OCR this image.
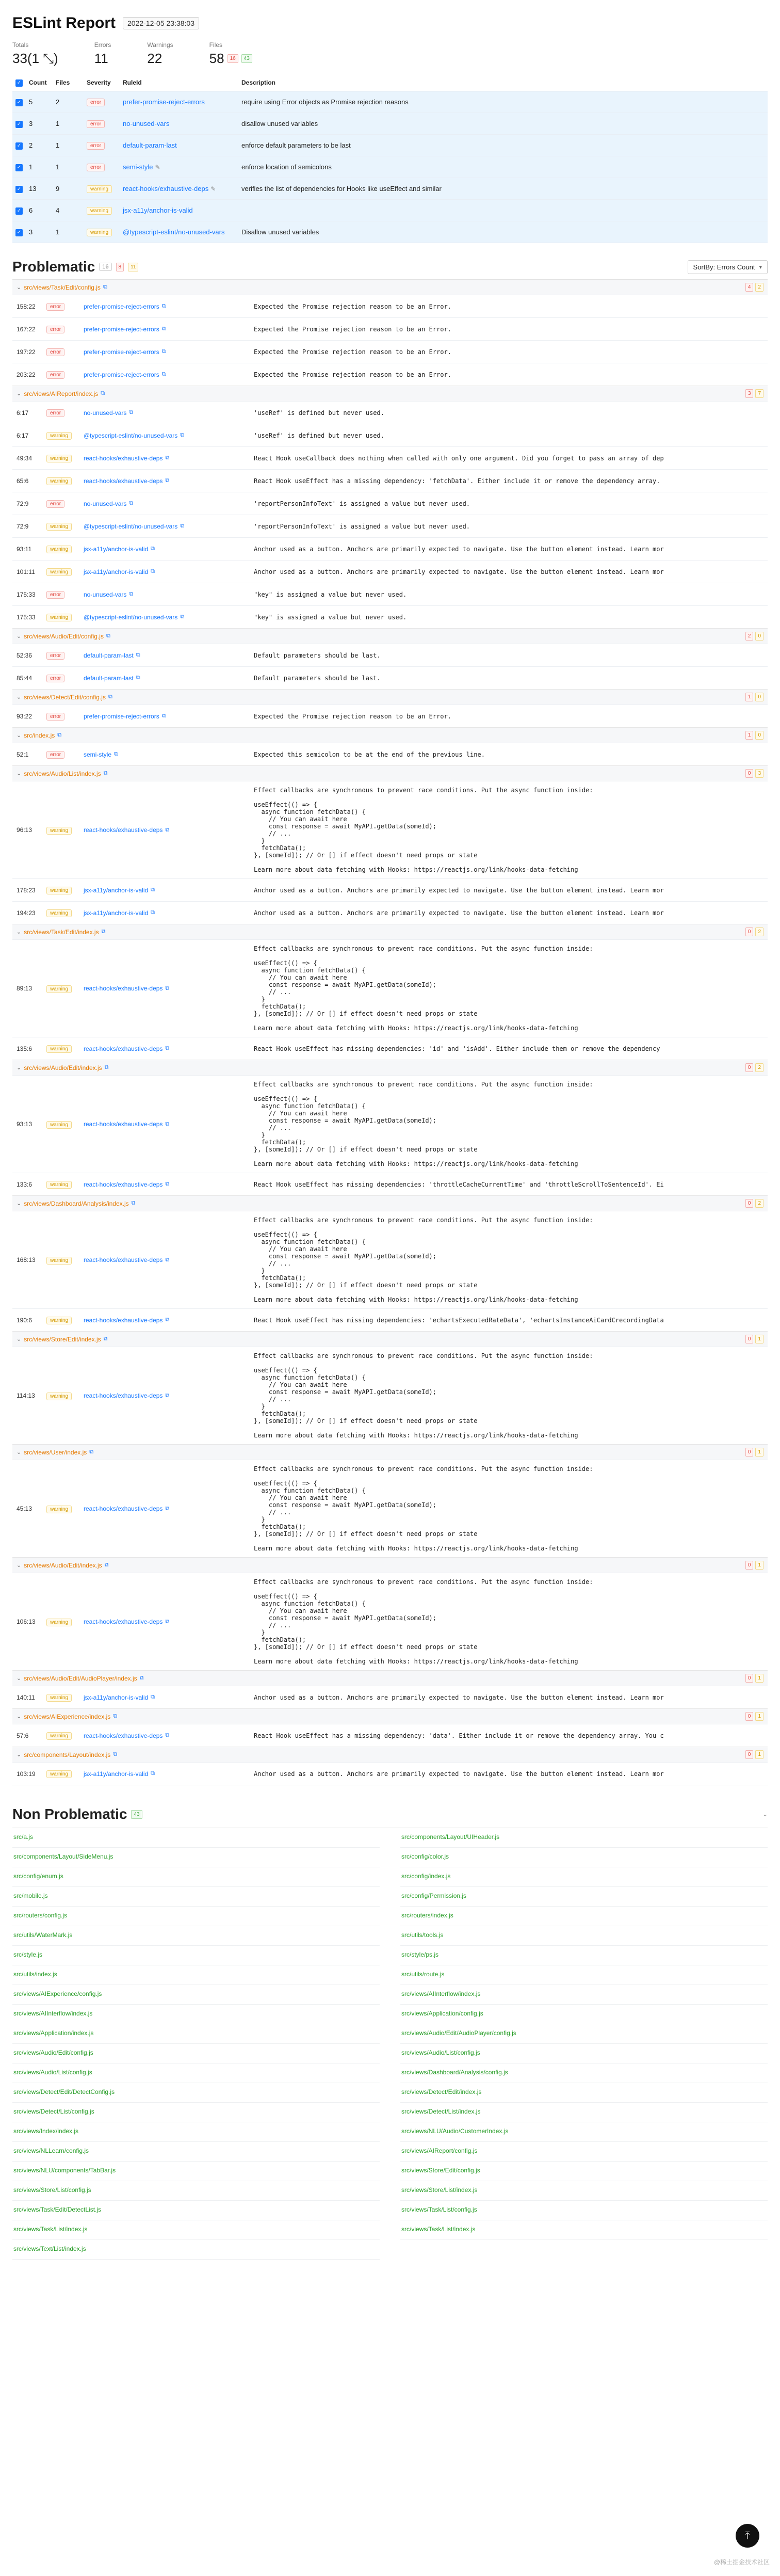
ESLint Report	2022-12-05 23:38:03
Totals
33(1 ⤡)
Errors
11
Warnings
22
Files
58	16	43
✓	Count	Files	Severity	RuleId	Description
✓	5	2	error	prefer-promise-reject-errors	require using Error objects as Promise rejection reasons
✓	3	1	error	no-unused-vars	disallow unused variables
✓	2	1	error	default-param-last	enforce default parameters to be last
✓	1	1	error	semi-style ✎	enforce location of semicolons
✓	13	9	warning	react-hooks/exhaustive-deps ✎	verifies the list of dependencies for Hooks like useEffect and similar
✓	6	4	warning	jsx-a11y/anchor-is-valid	
✓	3	1	warning	@typescript-eslint/no-unused-vars	Disallow unused variables
Problematic	16	8	11	SortBy: Errors Count ▾
⌄ src/views/Task/Edit/config.js ⧉	4	2
158:22	error	prefer-promise-reject-errors ⧉	Expected the Promise rejection reason to be an Error.
167:22	error	prefer-promise-reject-errors ⧉	Expected the Promise rejection reason to be an Error.
197:22	error	prefer-promise-reject-errors ⧉	Expected the Promise rejection reason to be an Error.
203:22	error	prefer-promise-reject-errors ⧉	Expected the Promise rejection reason to be an Error.
⌄ src/views/AIReport/index.js ⧉	3	7
6:17	error	no-unused-vars ⧉	'useRef' is defined but never used.
6:17	warning	@typescript-eslint/no-unused-vars ⧉	'useRef' is defined but never used.
49:34	warning	react-hooks/exhaustive-deps ⧉	React Hook useCallback does nothing when called with only one argument. Did you forget to pass an array of dep
65:6	warning	react-hooks/exhaustive-deps ⧉	React Hook useEffect has a missing dependency: 'fetchData'. Either include it or remove the dependency array.
72:9	error	no-unused-vars ⧉	'reportPersonInfoText' is assigned a value but never used.
72:9	warning	@typescript-eslint/no-unused-vars ⧉	'reportPersonInfoText' is assigned a value but never used.
93:11	warning	jsx-a11y/anchor-is-valid ⧉	Anchor used as a button. Anchors are primarily expected to navigate. Use the button element instead. Learn mor
101:11	warning	jsx-a11y/anchor-is-valid ⧉	Anchor used as a button. Anchors are primarily expected to navigate. Use the button element instead. Learn mor
175:33	error	no-unused-vars ⧉	"key" is assigned a value but never used.
175:33	warning	@typescript-eslint/no-unused-vars ⧉	"key" is assigned a value but never used.
⌄ src/views/Audio/Edit/config.js ⧉	2	0
52:36	error	default-param-last ⧉	Default parameters should be last.
85:44	error	default-param-last ⧉	Default parameters should be last.
⌄ src/views/Detect/Edit/config.js ⧉	1	0
93:22	error	prefer-promise-reject-errors ⧉	Expected the Promise rejection reason to be an Error.
⌄ src/index.js ⧉	1	0
52:1	error	semi-style ⧉	Expected this semicolon to be at the end of the previous line.
⌄ src/views/Audio/List/index.js ⧉	0	3
96:13	warning	react-hooks/exhaustive-deps ⧉
Effect callbacks are synchronous to prevent race conditions. Put the async function inside:

useEffect(() => {
async function fetchData() {
// You can await here
const response = await MyAPI.getData(someId);
// ...
}
fetchData();
}, [someId]); // Or [] if effect doesn't need props or state

Learn more about data fetching with Hooks: https://reactjs.org/link/hooks-data-fetching
178:23	warning	jsx-a11y/anchor-is-valid ⧉	Anchor used as a button. Anchors are primarily expected to navigate. Use the button element instead. Learn mor
194:23	warning	jsx-a11y/anchor-is-valid ⧉	Anchor used as a button. Anchors are primarily expected to navigate. Use the button element instead. Learn mor
⌄ src/views/Task/Edit/index.js ⧉	0	2
89:13	warning	react-hooks/exhaustive-deps ⧉
Effect callbacks are synchronous to prevent race conditions. Put the async function inside:

useEffect(() => {
async function fetchData() {
// You can await here
const response = await MyAPI.getData(someId);
// ...
}
fetchData();
}, [someId]); // Or [] if effect doesn't need props or state

Learn more about data fetching with Hooks: https://reactjs.org/link/hooks-data-fetching
135:6	warning	react-hooks/exhaustive-deps ⧉	React Hook useEffect has missing dependencies: 'id' and 'isAdd'. Either include them or remove the dependency
⌄ src/views/Audio/Edit/index.js ⧉	0	2
93:13	warning	react-hooks/exhaustive-deps ⧉
Effect callbacks are synchronous to prevent race conditions. Put the async function inside:

useEffect(() => {
async function fetchData() {
// You can await here
const response = await MyAPI.getData(someId);
// ...
}
fetchData();
}, [someId]); // Or [] if effect doesn't need props or state

Learn more about data fetching with Hooks: https://reactjs.org/link/hooks-data-fetching
133:6	warning	react-hooks/exhaustive-deps ⧉	React Hook useEffect has missing dependencies: 'throttleCacheCurrentTime' and 'throttleScrollToSentenceId'. Ei
⌄ src/views/Dashboard/Analysis/index.js ⧉	0	2
168:13	warning	react-hooks/exhaustive-deps ⧉
Effect callbacks are synchronous to prevent race conditions. Put the async function inside:

useEffect(() => {
async function fetchData() {
// You can await here
const response = await MyAPI.getData(someId);
// ...
}
fetchData();
}, [someId]); // Or [] if effect doesn't need props or state

Learn more about data fetching with Hooks: https://reactjs.org/link/hooks-data-fetching
190:6	warning	react-hooks/exhaustive-deps ⧉	React Hook useEffect has missing dependencies: 'echartsExecutedRateData', 'echartsInstanceAiCardCrecordingData
⌄ src/views/Store/Edit/index.js ⧉	0	1
114:13	warning	react-hooks/exhaustive-deps ⧉
Effect callbacks are synchronous to prevent race conditions. Put the async function inside:

useEffect(() => {
async function fetchData() {
// You can await here
const response = await MyAPI.getData(someId);
// ...
}
fetchData();
}, [someId]); // Or [] if effect doesn't need props or state

Learn more about data fetching with Hooks: https://reactjs.org/link/hooks-data-fetching
⌄ src/views/User/index.js ⧉	0	1
45:13	warning	react-hooks/exhaustive-deps ⧉
Effect callbacks are synchronous to prevent race conditions. Put the async function inside:

useEffect(() => {
async function fetchData() {
// You can await here
const response = await MyAPI.getData(someId);
// ...
}
fetchData();
}, [someId]); // Or [] if effect doesn't need props or state

Learn more about data fetching with Hooks: https://reactjs.org/link/hooks-data-fetching
⌄ src/views/Audio/Edit/index.js ⧉	0	1
106:13	warning	react-hooks/exhaustive-deps ⧉
Effect callbacks are synchronous to prevent race conditions. Put the async function inside:

useEffect(() => {
async function fetchData() {
// You can await here
const response = await MyAPI.getData(someId);
// ...
}
fetchData();
}, [someId]); // Or [] if effect doesn't need props or state

Learn more about data fetching with Hooks: https://reactjs.org/link/hooks-data-fetching
⌄ src/views/Audio/Edit/AudioPlayer/index.js ⧉	0	1
140:11	warning	jsx-a11y/anchor-is-valid ⧉	Anchor used as a button. Anchors are primarily expected to navigate. Use the button element instead. Learn mor
⌄ src/views/AIExperience/index.js ⧉	0	1
57:6	warning	react-hooks/exhaustive-deps ⧉	React Hook useEffect has a missing dependency: 'data'. Either include it or remove the dependency array. You c
⌄ src/components/Layout/index.js ⧉	0	1
103:19	warning	jsx-a11y/anchor-is-valid ⧉	Anchor used as a button. Anchors are primarily expected to navigate. Use the button element instead. Learn mor
Non Problematic	43	⌄
src/a.js	src/components/Layout/UIHeader.js
src/components/Layout/SideMenu.js	src/config/color.js
src/config/enum.js	src/config/index.js
src/mobile.js	src/config/Permission.js
src/routers/config.js	src/routers/index.js
src/utils/WaterMark.js	src/utils/tools.js
src/style.js	src/style/ps.js
src/utils/index.js	src/utils/route.js
src/views/AIExperience/config.js	src/views/AIInterflow/index.js
src/views/AIInterflow/index.js	src/views/Application/config.js
src/views/Application/index.js	src/views/Audio/Edit/AudioPlayer/config.js
src/views/Audio/Edit/config.js	src/views/Audio/List/config.js
src/views/Audio/List/config.js	src/views/Dashboard/Analysis/config.js
src/views/Detect/Edit/DetectConfig.js	src/views/Detect/Edit/index.js
src/views/Detect/List/config.js	src/views/Detect/List/index.js
src/views/Index/index.js	src/views/NLU/Audio/CustomerIndex.js
src/views/NLLearn/config.js	src/views/AIReport/config.js
src/views/NLU/components/TabBar.js	src/views/Store/Edit/config.js
src/views/Store/List/config.js	src/views/Store/List/index.js
src/views/Task/Edit/DetectList.js	src/views/Task/List/config.js
src/views/Task/List/index.js	src/views/Task/List/index.js
src/views/Text/List/index.js
⤒
@稀土掘金技术社区
